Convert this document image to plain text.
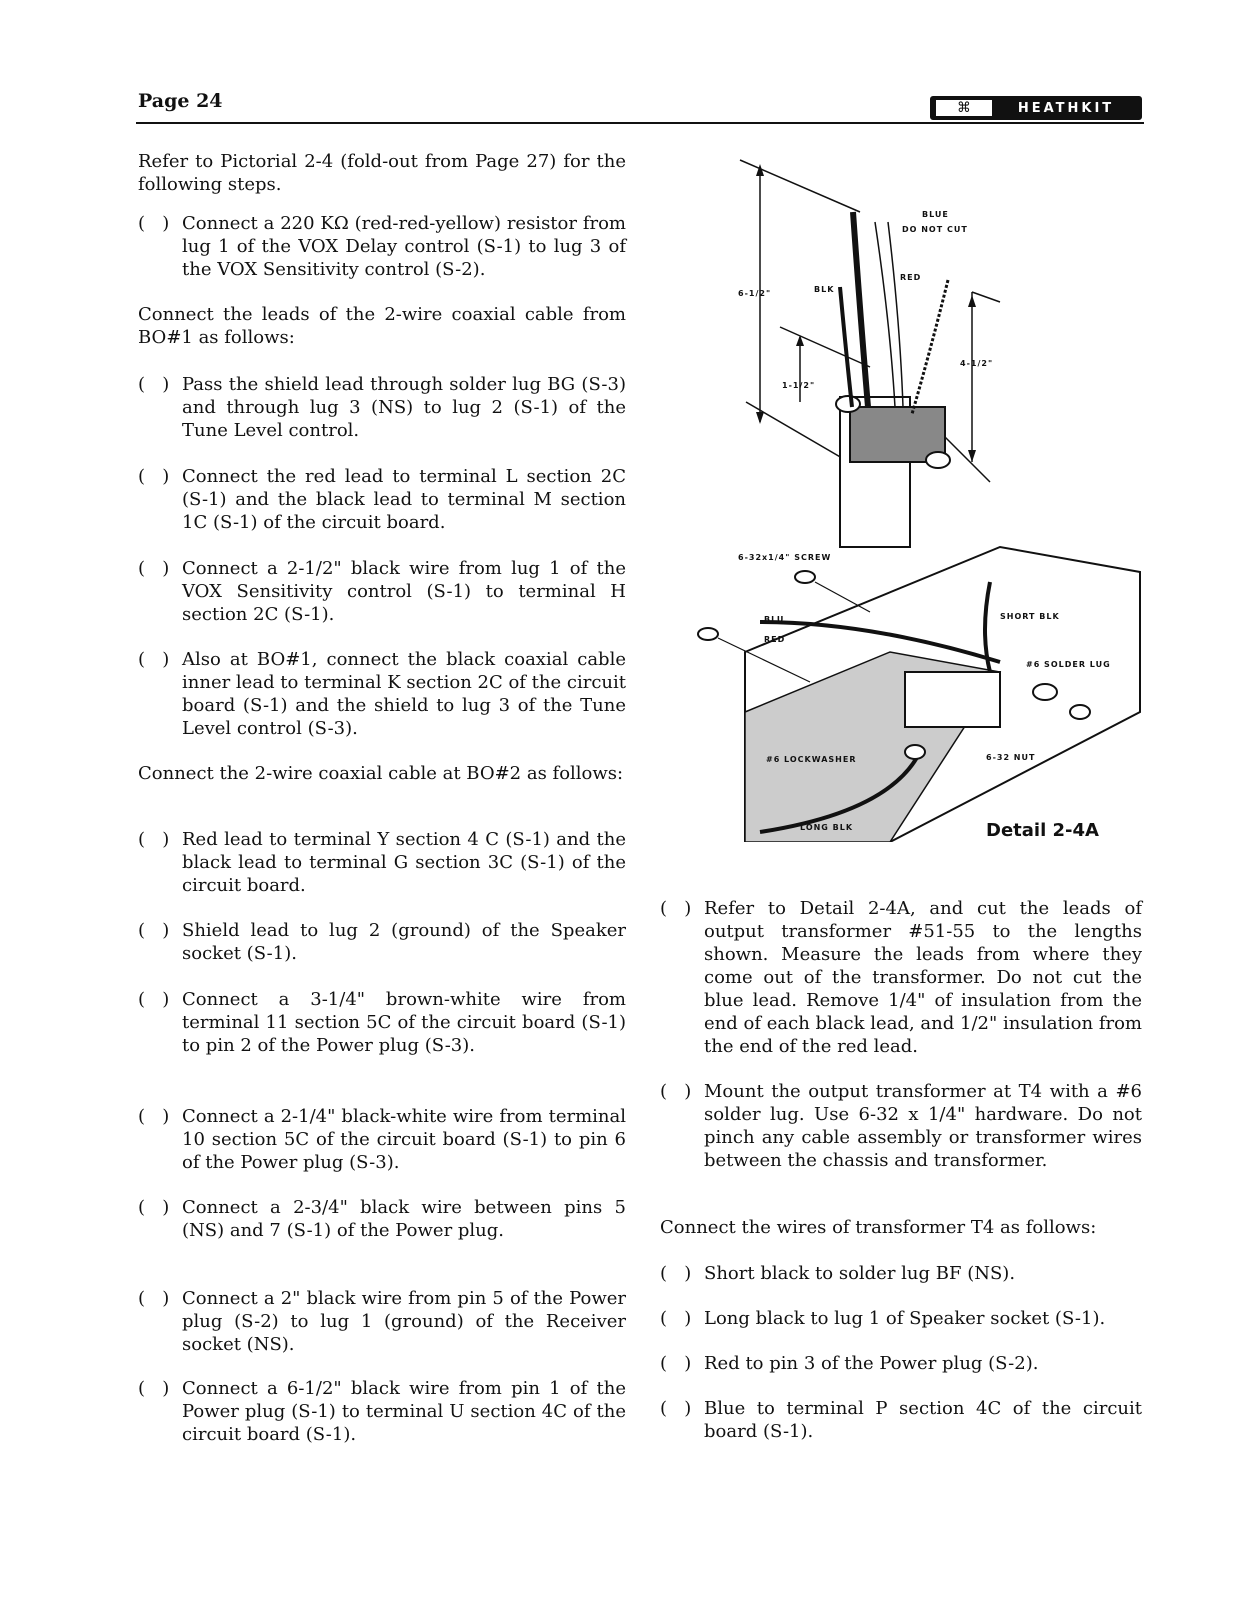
Page 24	⌘	HEATHKIT

Refer to Pictorial 2-4 (fold-out from Page 27) for the following steps.

(   ) Connect a 220 KΩ (red-red-yellow) resistor from lug 1 of the VOX Delay control (S-1) to lug 3 of the VOX Sensitivity control (S-2).

Connect the leads of the 2-wire coaxial cable from BO#1 as follows:

(   ) Pass the shield lead through solder lug BG (S-3) and through lug 3 (NS) to lug 2 (S-1) of the Tune Level control.

(   ) Connect the red lead to terminal L section 2C (S-1) and the black lead to terminal M section 1C (S-1) of the circuit board.

(   ) Connect a 2-1/2" black wire from lug 1 of the VOX Sensitivity control (S-1) to terminal H section 2C (S-1).

(   ) Also at BO#1, connect the black coaxial cable inner lead to terminal K section 2C of the circuit board (S-1) and the shield to lug 3 of the Tune Level control (S-3).

Connect the 2-wire coaxial cable at BO#2 as follows:

(   ) Red lead to terminal Y section 4 C (S-1) and the black lead to terminal G section 3C (S-1) of the circuit board.

(   ) Shield lead to lug 2 (ground) of the Speaker socket (S-1).

(   ) Connect a 3-1/4" brown-white wire from terminal 11 section 5C of the circuit board (S-1) to pin 2 of the Power plug (S-3).

(   ) Connect a 2-1/4" black-white wire from terminal 10 section 5C of the circuit board (S-1) to pin 6 of the Power plug (S-3).

(   ) Connect a 2-3/4" black wire between pins 5 (NS) and 7 (S-1) of the Power plug.

(   ) Connect a 2" black wire from pin 5 of the Power plug (S-2) to lug 1 (ground) of the Receiver socket (NS).

(   ) Connect a 6-1/2" black wire from pin 1 of the Power plug (S-1) to terminal U section 4C of the circuit board (S-1).

BLUE
DO NOT CUT
RED
BLK
6-1/2"
4-1/2"
1-1/2"
6-32x1/4" SCREW
SHORT BLK
BLU
RED
#6 SOLDER LUG
#6 LOCKWASHER	6-32 NUT
LONG BLK	Detail 2-4A

(   ) Refer to Detail 2-4A, and cut the leads of output transformer #51-55 to the lengths shown. Measure the leads from where they come out of the transformer. Do not cut the blue lead. Remove 1/4" of insulation from the end of each black lead, and 1/2" insulation from the end of the red lead.

(   ) Mount the output transformer at T4 with a #6 solder lug. Use 6-32 x 1/4" hardware. Do not pinch any cable assembly or transformer wires between the chassis and transformer.

Connect the wires of transformer T4 as follows:

(   ) Short black to solder lug BF (NS).

(   ) Long black to lug 1 of Speaker socket (S-1).

(   ) Red to pin 3 of the Power plug (S-2).

(   ) Blue to terminal P section 4C of the circuit board (S-1).
